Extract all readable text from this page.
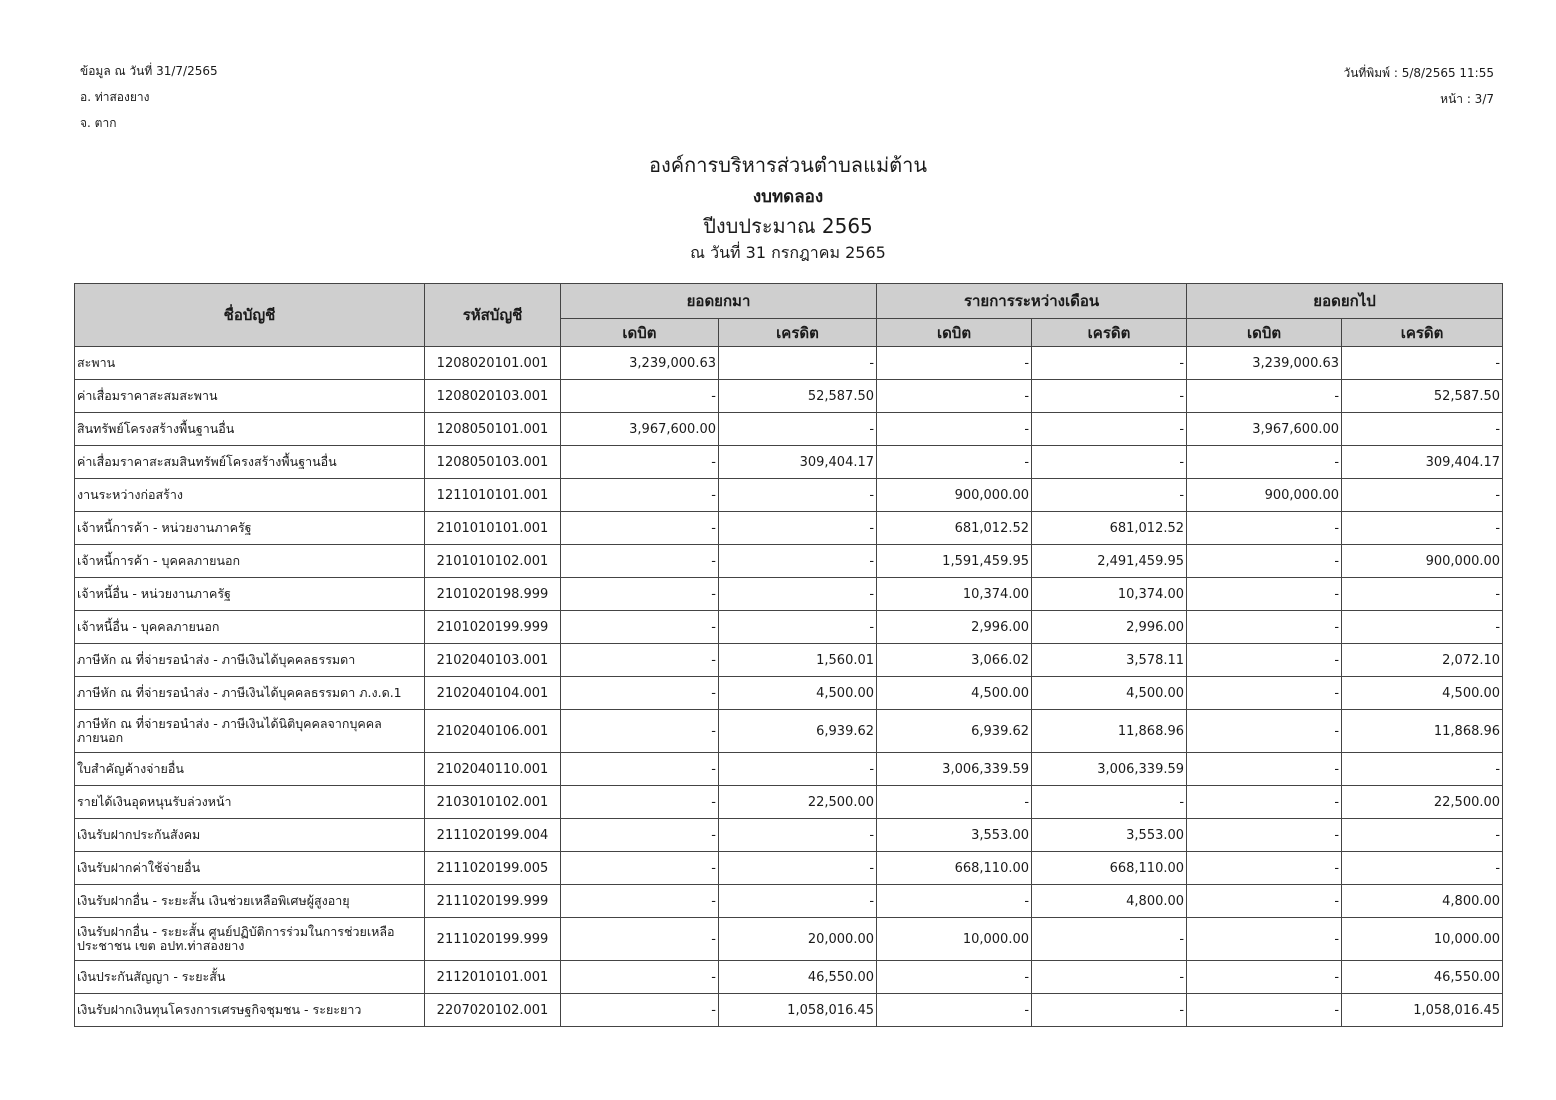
ข้อมูล ณ วันที่ 31/7/2565
อ. ท่าสองยาง
จ. ตาก
วันที่พิมพ์ : 5/8/2565 11:55
หน้า : 3/7
องค์การบริหารส่วนตำบลแม่ต้าน
งบทดลอง
ปีงบประมาณ 2565
ณ วันที่ 31 กรกฎาคม 2565
ชื่อบัญชี	รหัสบัญชี	ยอดยกมา		รายการระหว่างเดือน		ยอดยกไป	
		เดบิต	เครดิต	เดบิต	เครดิต	เดบิต	เครดิต
สะพาน	1208020101.001	3,239,000.63	-	-	-	3,239,000.63	-
ค่าเสื่อมราคาสะสมสะพาน	1208020103.001	-	52,587.50	-	-	-	52,587.50
สินทรัพย์โครงสร้างพื้นฐานอื่น	1208050101.001	3,967,600.00	-	-	-	3,967,600.00	-
ค่าเสื่อมราคาสะสมสินทรัพย์โครงสร้างพื้นฐานอื่น	1208050103.001	-	309,404.17	-	-	-	309,404.17
งานระหว่างก่อสร้าง	1211010101.001	-	-	900,000.00	-	900,000.00	-
เจ้าหนี้การค้า - หน่วยงานภาครัฐ	2101010101.001	-	-	681,012.52	681,012.52	-	-
เจ้าหนี้การค้า - บุคคลภายนอก	2101010102.001	-	-	1,591,459.95	2,491,459.95	-	900,000.00
เจ้าหนี้อื่น - หน่วยงานภาครัฐ	2101020198.999	-	-	10,374.00	10,374.00	-	-
เจ้าหนี้อื่น - บุคคลภายนอก	2101020199.999	-	-	2,996.00	2,996.00	-	-
ภาษีหัก ณ ที่จ่ายรอนำส่ง - ภาษีเงินได้บุคคลธรรมดา	2102040103.001	-	1,560.01	3,066.02	3,578.11	-	2,072.10
ภาษีหัก ณ ที่จ่ายรอนำส่ง - ภาษีเงินได้บุคคลธรรมดา ภ.ง.ด.1	2102040104.001	-	4,500.00	4,500.00	4,500.00	-	4,500.00
ภาษีหัก ณ ที่จ่ายรอนำส่ง - ภาษีเงินได้นิติบุคคลจากบุคคลภายนอก	2102040106.001	-	6,939.62	6,939.62	11,868.96	-	11,868.96
ใบสำคัญค้างจ่ายอื่น	2102040110.001	-	-	3,006,339.59	3,006,339.59	-	-
รายได้เงินอุดหนุนรับล่วงหน้า	2103010102.001	-	22,500.00	-	-	-	22,500.00
เงินรับฝากประกันสังคม	2111020199.004	-	-	3,553.00	3,553.00	-	-
เงินรับฝากค่าใช้จ่ายอื่น	2111020199.005	-	-	668,110.00	668,110.00	-	-
เงินรับฝากอื่น - ระยะสั้น เงินช่วยเหลือพิเศษผู้สูงอายุ	2111020199.999	-	-	-	4,800.00	-	4,800.00
เงินรับฝากอื่น - ระยะสั้น ศูนย์ปฏิบัติการร่วมในการช่วยเหลือประชาชน เขต อปท.ท่าสองยาง	2111020199.999	-	20,000.00	10,000.00	-	-	10,000.00
เงินประกันสัญญา - ระยะสั้น	2112010101.001	-	46,550.00	-	-	-	46,550.00
เงินรับฝากเงินทุนโครงการเศรษฐกิจชุมชน - ระยะยาว	2207020102.001	-	1,058,016.45	-	-	-	1,058,016.45
